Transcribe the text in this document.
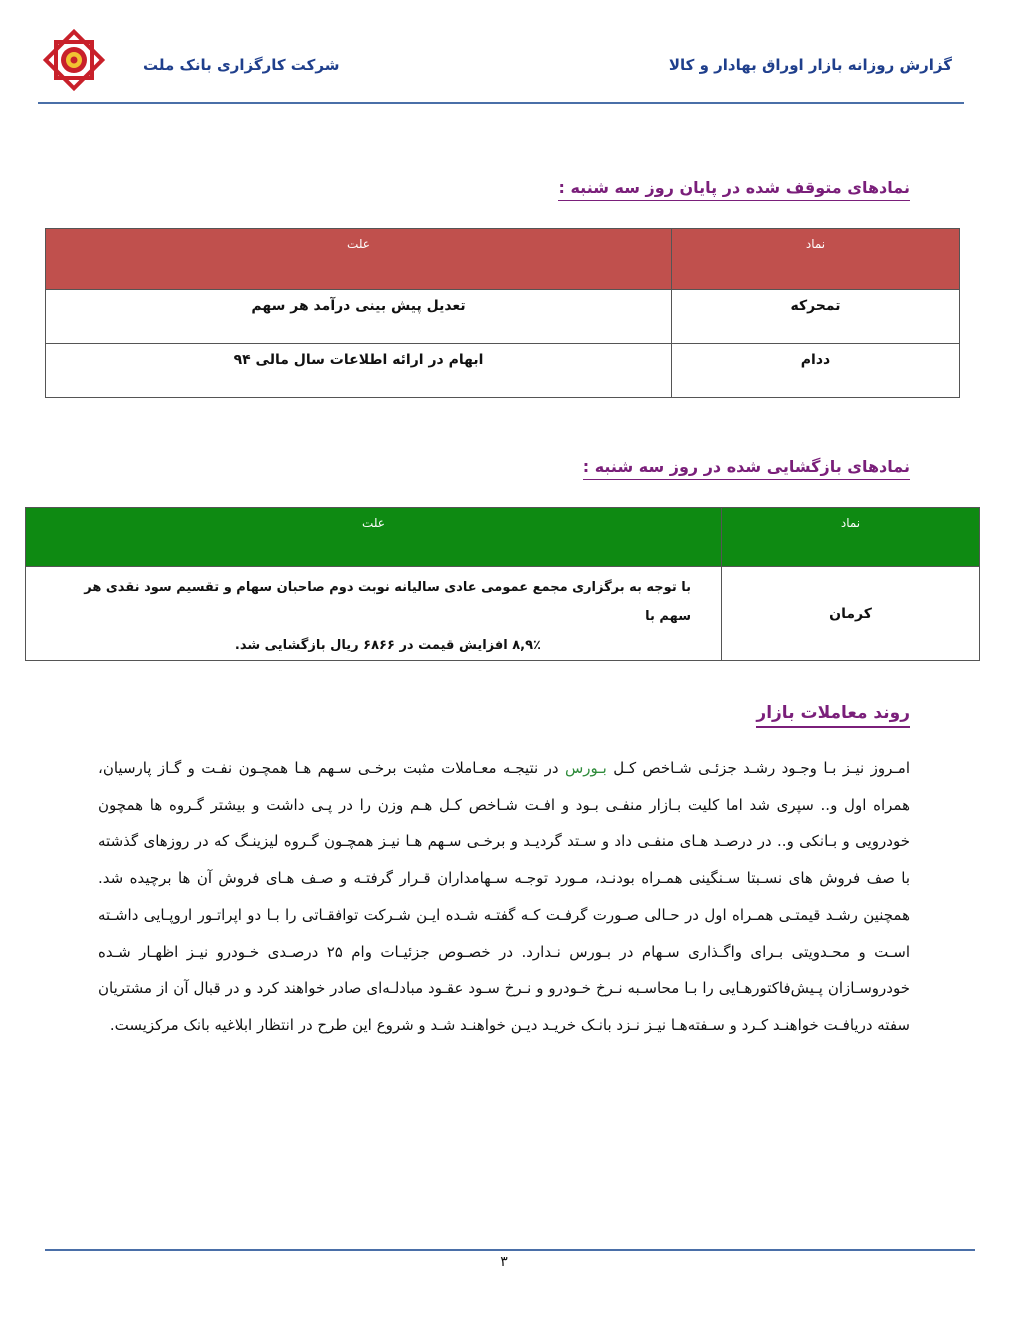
گزارش روزانه بازار اوراق بهادار و کالا
شرکت کارگزاری بانک ملت
نمادهای متوقف شده در پایان روز سه شنبه :
نماد	علت
تمحرکه	تعدیل پیش بینی درآمد هر سهم
ددام	ابهام در ارائه اطلاعات سال مالی ۹۴
نمادهای بازگشایی شده در روز سه شنبه :
نماد	علت
کرمان	با توجه به برگزاری مجمع عمومی عادی سالیانه نوبت دوم صاحبان سهام و تقسیم سود نقدی هر سهم با
۸,۹٪ افزایش قیمت در ۶۸۶۶ ریال بازگشایی شد.
روند معاملات بازار
امـروز نیـز بـا وجـود رشـد جزئـی شـاخص کـل بـورس در نتیجـه معـاملات مثبت برخـی سـهم هـا همچـون نفـت و گـاز پارسیان، همراه اول و.. سپری شد اما کلیت بـازار منفـی بـود و افـت شـاخص کـل هـم وزن را در پـی داشت و بیشتر گـروه ها همچون خودرویی و بـانکی و.. در درصـد هـای منفـی داد و سـتد گردیـد و برخـی سـهم هـا نیـز همچـون گـروه لیزینـگ که در روزهای گذشته با صف فروش های نسـبتا سـنگینی همـراه بودنـد، مـورد توجـه سـهامداران قـرار گرفتـه و صـف هـای فروش آن ها برچیده شد. همچنین رشـد قیمتـی همـراه اول در حـالی صـورت گرفـت کـه گفتـه شـده ایـن شـرکت توافقـاتی را بـا دو اپراتـور اروپـایی داشـته اسـت و محـدویتی بـرای واگـذاری سـهام در بـورس نـدارد. در خصـوص جزئیـات وام ۲۵ درصـدی خـودرو نیـز اظهـار شـده خودروسـازان پـیش‌فاکتورهـایی را بـا محاسـبه نـرخ خـودرو و نـرخ سـود عقـود مبادلـه‌ای صادر خواهند کرد و در قبال آن از مشتریان سفته دریافـت خواهنـد کـرد و سـفته‌هـا نیـز نـزد بانـک خریـد دیـن خواهنـد شـد و شروع این طرح در انتظار ابلاغیه بانک مرکزیست.
۳
